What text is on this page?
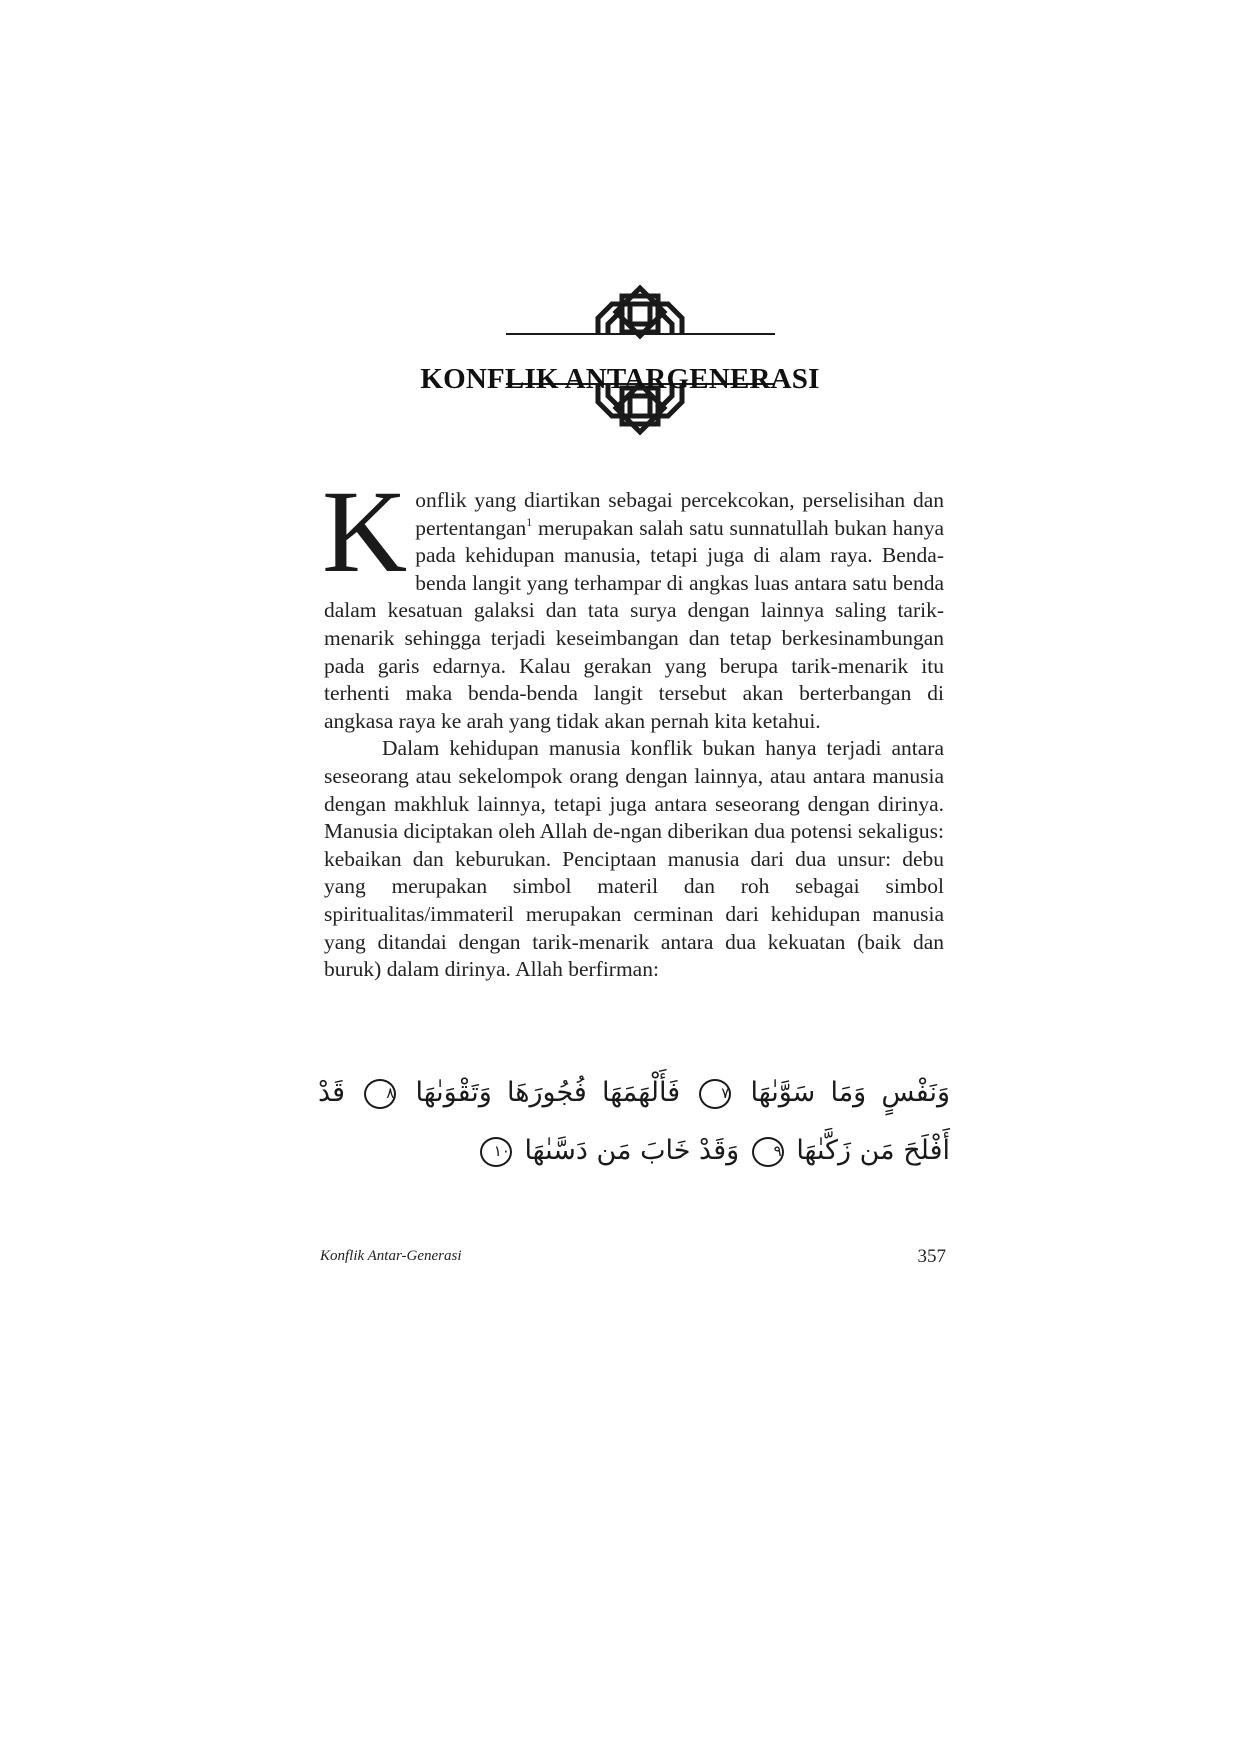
KONFLIK ANTARGENERASI

Konflik yang diartikan sebagai percekcokan, perselisihan dan pertentangan$^1$ merupakan salah satu sunnatullah bukan hanya pada kehidupan manusia, tetapi juga di alam raya. Benda-benda langit yang terhampar di angkas luas antara satu benda dalam kesatuan galaksi dan tata surya dengan lainnya saling tarik-menarik sehingga terjadi keseimbangan dan tetap berkesinambungan pada garis edarnya. Kalau gerakan yang berupa tarik-menarik itu terhenti maka benda-benda langit tersebut akan berterbangan di angkasa raya ke arah yang tidak akan pernah kita ketahui.

Dalam kehidupan manusia konflik bukan hanya terjadi antara seseorang atau sekelompok orang dengan lainnya, atau antara manusia dengan makhluk lainnya, tetapi juga antara seseorang dengan dirinya. Manusia diciptakan oleh Allah de-ngan diberikan dua potensi sekaligus: kebaikan dan keburukan. Penciptaan manusia dari dua unsur: debu yang merupakan simbol materil dan roh sebagai simbol spiritualitas/immateril merupakan cerminan dari kehidupan manusia yang ditandai dengan tarik-menarik antara dua kekuatan (baik dan buruk) dalam dirinya. Allah berfirman:

وَنَفْسٍ وَمَا سَوَّىٰهَا ٧ فَأَلْهَمَهَا فُجُورَهَا وَتَقْوَىٰهَا ٨ قَدْ أَفْلَحَ مَن زَكَّىٰهَا ٩ وَقَدْ خَابَ مَن دَسَّىٰهَا ١٠
Konflik Antar-Generasi	357
